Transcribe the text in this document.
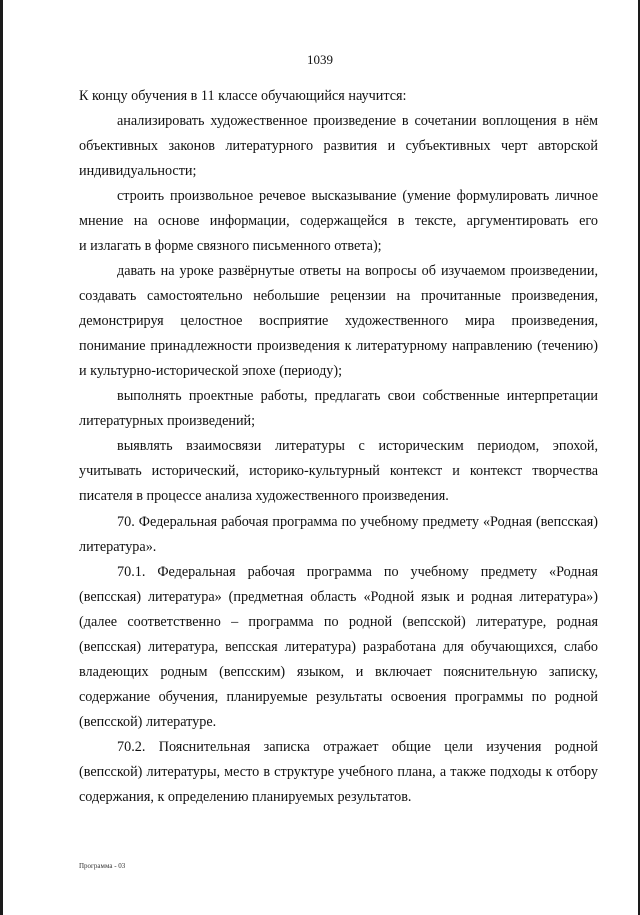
1039
К концу обучения в 11 классе обучающийся научится:
анализировать художественное произведение в сочетании воплощения в нём
объективных законов литературного развития и субъективных черт авторской
индивидуальности;
строить произвольное речевое высказывание (умение формулировать личное
мнение на основе информации, содержащейся в тексте, аргументировать его
и излагать в форме связного письменного ответа);
давать на уроке развёрнутые ответы на вопросы об изучаемом произведении,
создавать самостоятельно небольшие рецензии на прочитанные произведения,
демонстрируя целостное восприятие художественного мира произведения,
понимание принадлежности произведения к литературному направлению (течению)
и культурно-исторической эпохе (периоду);
выполнять проектные работы, предлагать свои собственные интерпретации
литературных произведений;
выявлять взаимосвязи литературы с историческим периодом, эпохой,
учитывать исторический, историко-культурный контекст и контекст творчества
писателя в процессе анализа художественного произведения.
70. Федеральная рабочая программа по учебному предмету «Родная (вепсская)
литература».
70.1. Федеральная рабочая программа по учебному предмету «Родная
(вепсская) литература» (предметная область «Родной язык и родная литература»)
(далее соответственно – программа по родной (вепсской) литературе, родная
(вепсская) литература, вепсская литература) разработана для обучающихся, слабо
владеющих родным (вепсским) языком, и включает пояснительную записку,
содержание обучения, планируемые результаты освоения программы по родной
(вепсской) литературе.
70.2. Пояснительная записка отражает общие цели изучения родной
(вепсской) литературы, место в структуре учебного плана, а также подходы к отбору
содержания, к определению планируемых результатов.
Программа - 03
